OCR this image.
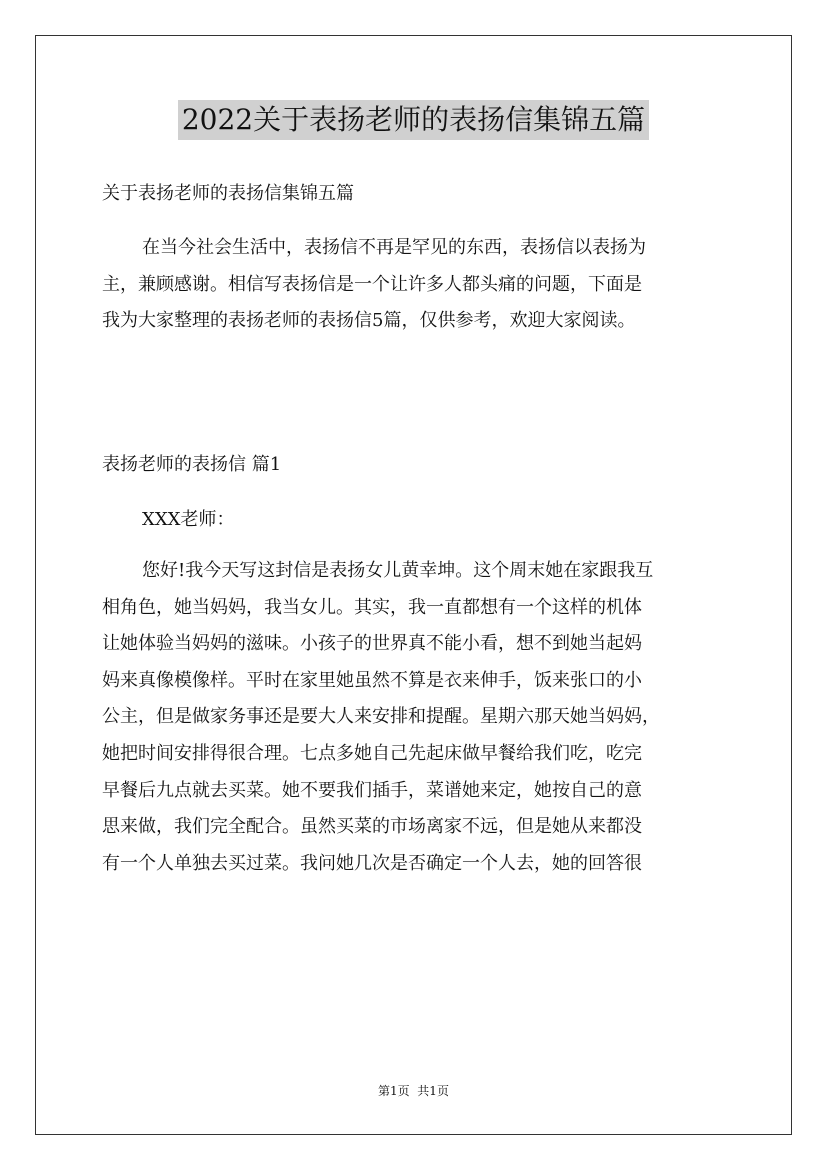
2022关于表扬老师的表扬信集锦五篇
关于表扬老师的表扬信集锦五篇
在当今社会生活中，表扬信不再是罕见的东西，表扬信以表扬为
主，兼顾感谢。相信写表扬信是一个让许多人都头痛的问题，下面是
我为大家整理的表扬老师的表扬信5篇，仅供参考，欢迎大家阅读。
表扬老师的表扬信 篇1
XXX老师：
您好!我今天写这封信是表扬女儿黄幸坤。这个周末她在家跟我互
相角色，她当妈妈，我当女儿。其实，我一直都想有一个这样的机体
让她体验当妈妈的滋味。小孩子的世界真不能小看，想不到她当起妈
妈来真像模像样。平时在家里她虽然不算是衣来伸手，饭来张口的小
公主，但是做家务事还是要大人来安排和提醒。星期六那天她当妈妈，
她把时间安排得很合理。七点多她自己先起床做早餐给我们吃，吃完
早餐后九点就去买菜。她不要我们插手，菜谱她来定，她按自己的意
思来做，我们完全配合。虽然买菜的市场离家不远，但是她从来都没
有一个人单独去买过菜。我问她几次是否确定一个人去，她的回答很
第1页  共1页
